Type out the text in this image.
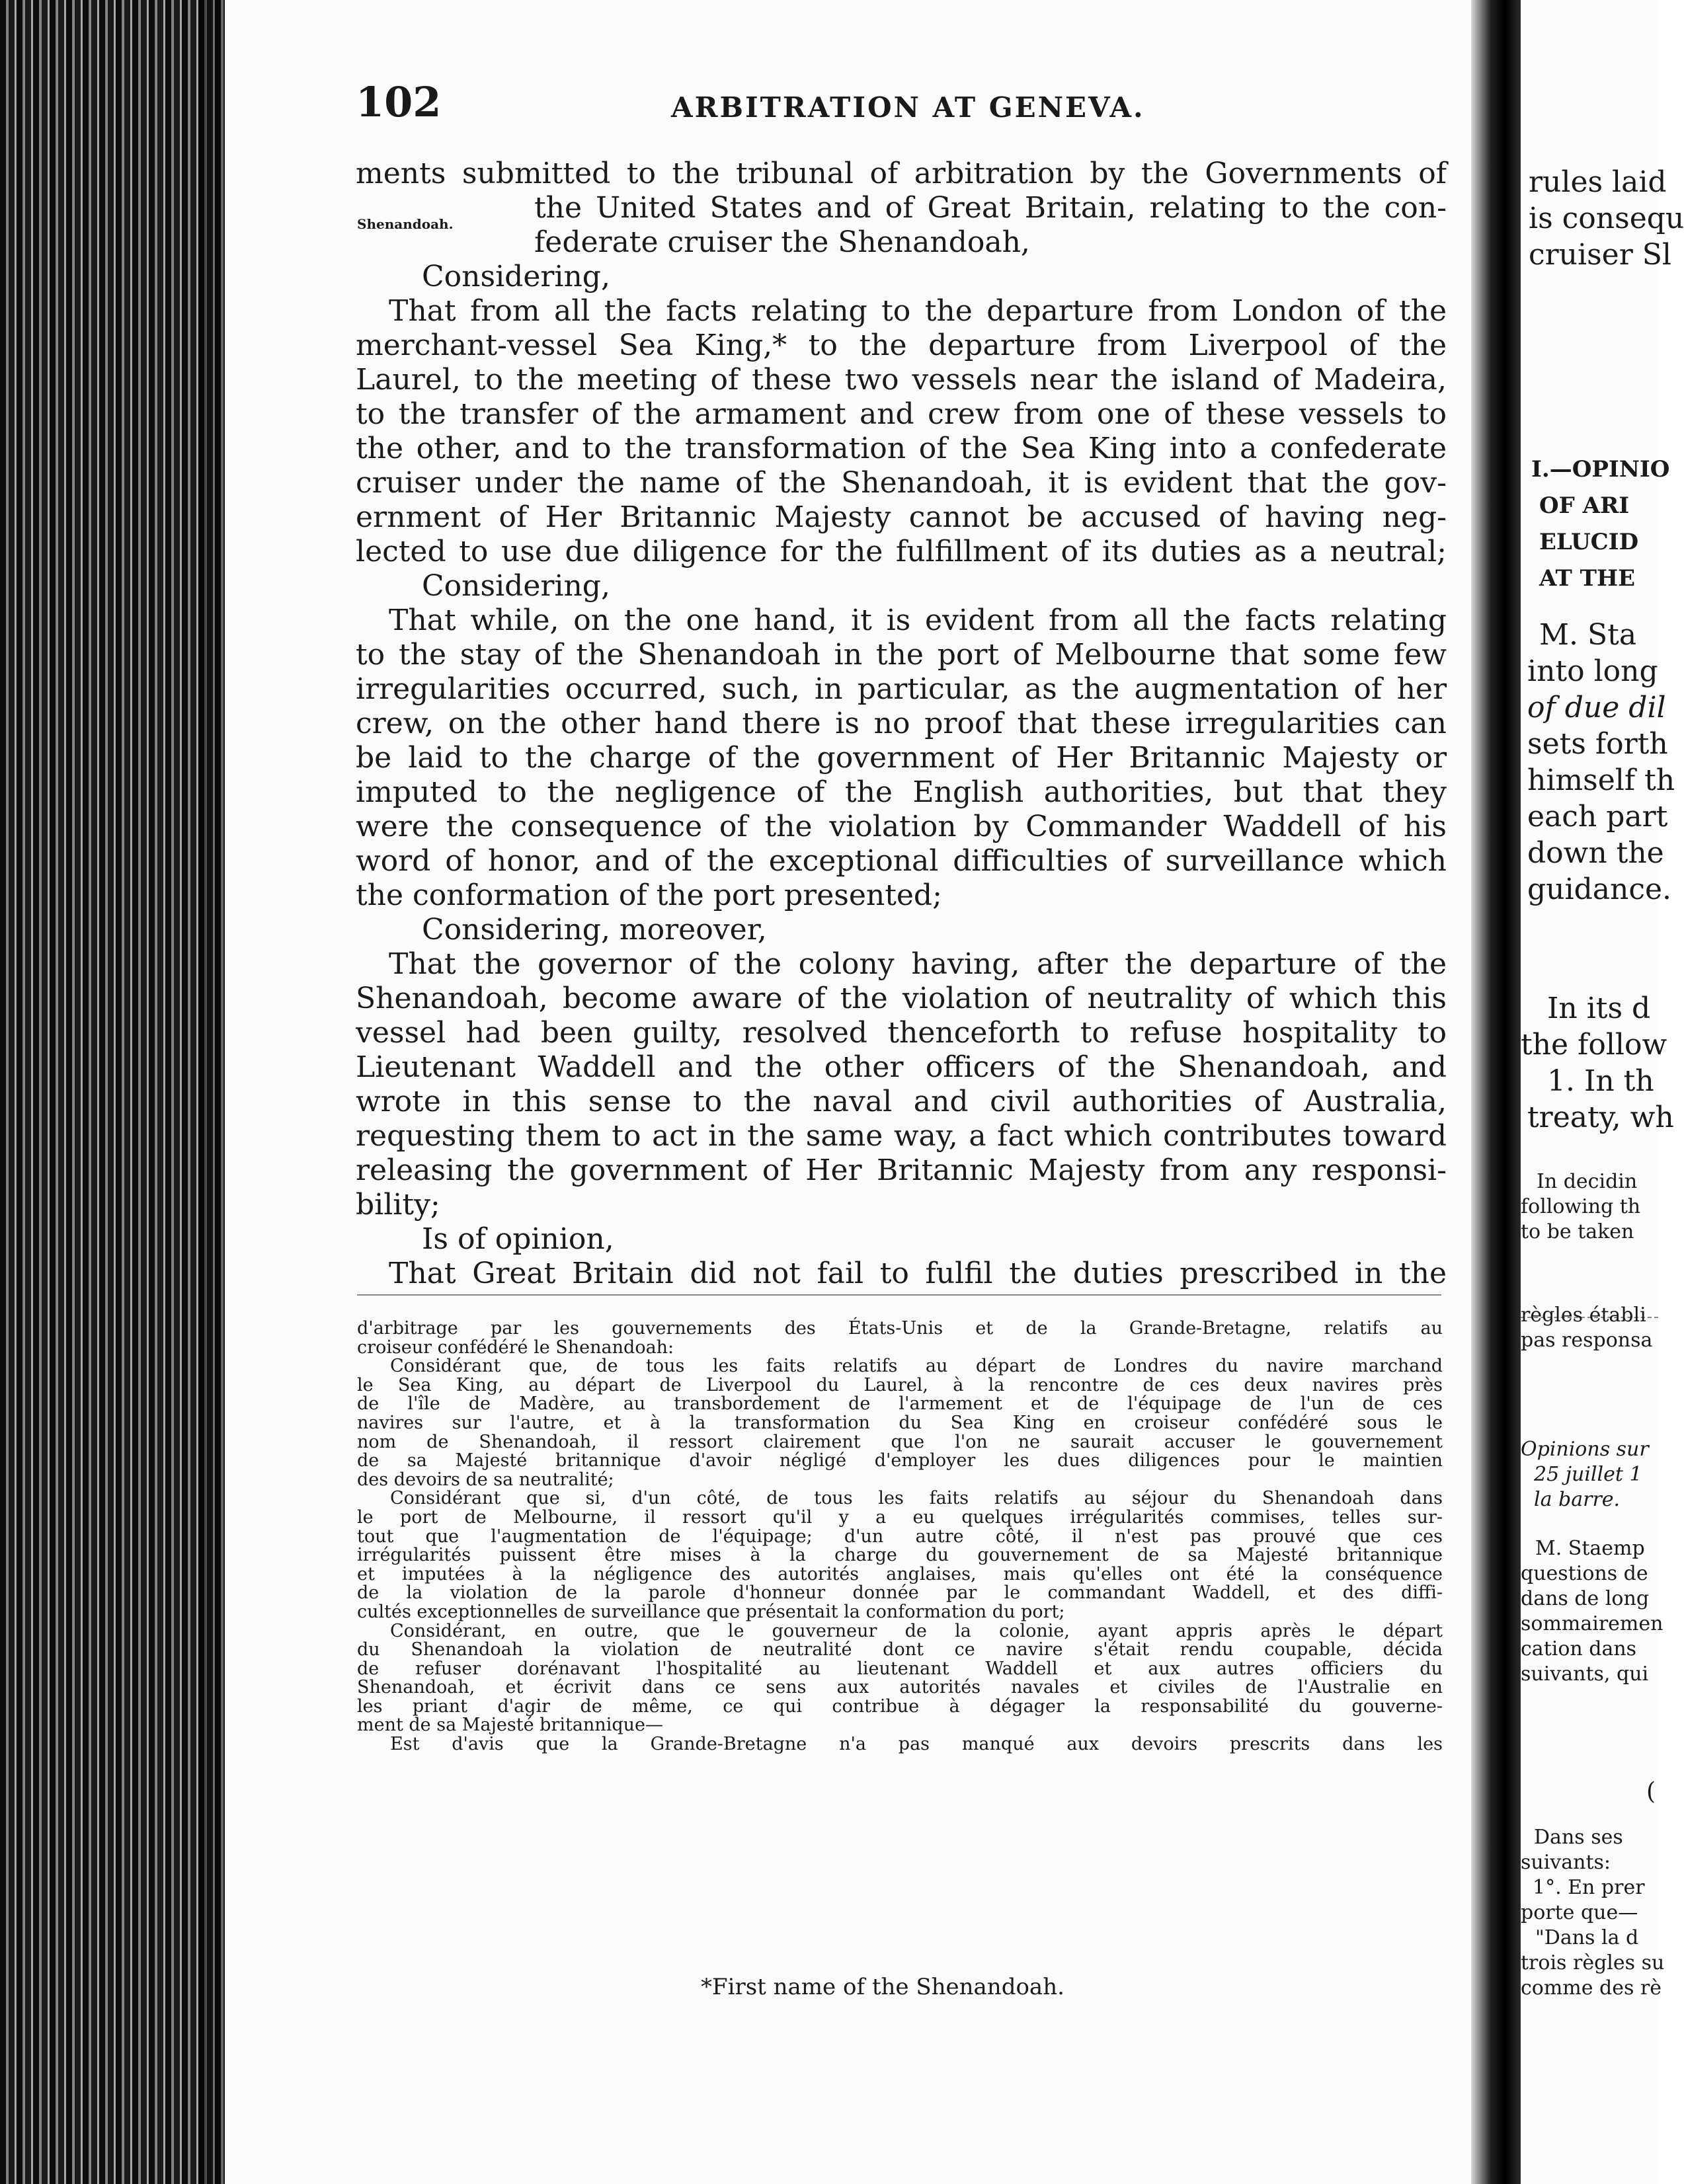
102	ARBITRATION AT GENEVA.
Shenandoah.
ments submitted to the tribunal of arbitration by the Governments of
the United States and of Great Britain, relating to the con-
federate cruiser the Shenandoah,
Considering,
That from all the facts relating to the departure from London of the
merchant-vessel Sea King,* to the departure from Liverpool of the
Laurel, to the meeting of these two vessels near the island of Madeira,
to the transfer of the armament and crew from one of these vessels to
the other, and to the transformation of the Sea King into a confederate
cruiser under the name of the Shenandoah, it is evident that the gov-
ernment of Her Britannic Majesty cannot be accused of having neg-
lected to use due diligence for the fulfillment of its duties as a neutral;
Considering,
That while, on the one hand, it is evident from all the facts relating
to the stay of the Shenandoah in the port of Melbourne that some few
irregularities occurred, such, in particular, as the augmentation of her
crew, on the other hand there is no proof that these irregularities can
be laid to the charge of the government of Her Britannic Majesty or
imputed to the negligence of the English authorities, but that they
were the consequence of the violation by Commander Waddell of his
word of honor, and of the exceptional difficulties of surveillance which
the conformation of the port presented;
Considering, moreover,
That the governor of the colony having, after the departure of the
Shenandoah, become aware of the violation of neutrality of which this
vessel had been guilty, resolved thenceforth to refuse hospitality to
Lieutenant Waddell and the other officers of the Shenandoah, and
wrote in this sense to the naval and civil authorities of Australia,
requesting them to act in the same way, a fact which contributes toward
releasing the government of Her Britannic Majesty from any responsi-
bility;
Is of opinion,
That Great Britain did not fail to fulfil the duties prescribed in the
d'arbitrage par les gouvernements des États-Unis et de la Grande-Bretagne, relatifs au
croiseur confédéré le Shenandoah:
Considérant que, de tous les faits relatifs au départ de Londres du navire marchand
le Sea King, au départ de Liverpool du Laurel, à la rencontre de ces deux navires près
de l'île de Madère, au transbordement de l'armement et de l'équipage de l'un de ces
navires sur l'autre, et à la transformation du Sea King en croiseur confédéré sous le
nom de Shenandoah, il ressort clairement que l'on ne saurait accuser le gouvernement
de sa Majesté britannique d'avoir négligé d'employer les dues diligences pour le maintien
des devoirs de sa neutralité;
Considérant que si, d'un côté, de tous les faits relatifs au séjour du Shenandoah dans
le port de Melbourne, il ressort qu'il y a eu quelques irrégularités commises, telles sur-
tout que l'augmentation de l'équipage; d'un autre côté, il n'est pas prouvé que ces
irrégularités puissent être mises à la charge du gouvernement de sa Majesté britannique
et imputées à la négligence des autorités anglaises, mais qu'elles ont été la conséquence
de la violation de la parole d'honneur donnée par le commandant Waddell, et des diffi-
cultés exceptionnelles de surveillance que présentait la conformation du port;
Considérant, en outre, que le gouverneur de la colonie, ayant appris après le départ
du Shenandoah la violation de neutralité dont ce navire s'était rendu coupable, décida
de refuser dorénavant l'hospitalité au lieutenant Waddell et aux autres officiers du
Shenandoah, et écrivit dans ce sens aux autorités navales et civiles de l'Australie en
les priant d'agir de même, ce qui contribue à dégager la responsabilité du gouverne-
ment de sa Majesté britannique—
Est d'avis que la Grande-Bretagne n'a pas manqué aux devoirs prescrits dans les
*First name of the Shenandoah.
rules laid
is consequ
cruiser Sl
I.—OPINIO
OF ARI
ELUCID
AT THE
M. Sta
into long
of due dil
sets forth
himself th
each part
down the
guidance.
In its d
the follow
1. In th
treaty, wh
In decidin
following th
to be taken
règles établi
pas responsa
Opinions sur
25 juillet 1
la barre.
M. Staemp
questions de
dans de long
sommairemen
cation dans
suivants, qui
(
Dans ses
suivants:
1°. En prer
porte que—
"Dans la d
trois règles su
comme des rè
